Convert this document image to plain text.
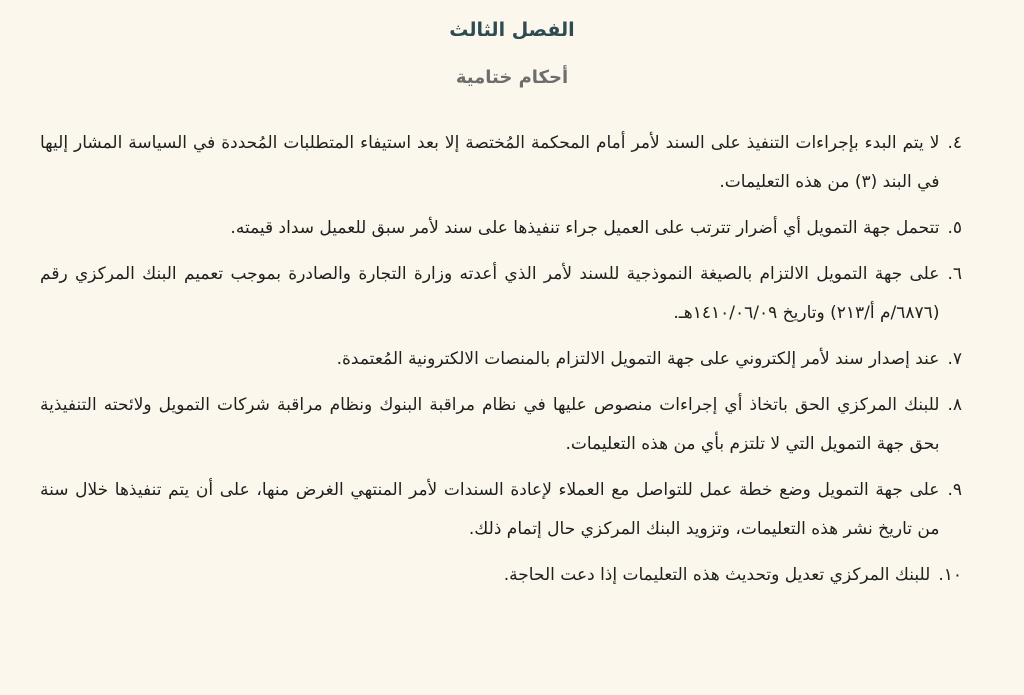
الفصل الثالث
أحكام ختامية
٤.
لا يتم البدء بإجراءات التنفيذ على السند لأمر أمام المحكمة المُختصة إلا بعد استيفاء المتطلبات المُحددة في السياسة المشار إليها في البند (٣) من هذه التعليمات.
٥.
تتحمل جهة التمويل أي أضرار تترتب على العميل جراء تنفيذها على سند لأمر سبق للعميل سداد قيمته.
٦.
على جهة التمويل الالتزام بالصيغة النموذجية للسند لأمر الذي أعدته وزارة التجارة والصادرة بموجب تعميم البنك المركزي رقم (٦٨٧٦/م أ/٢١٣) وتاريخ ١٤١٠/٠٦/٠٩هـ.
٧.
عند إصدار سند لأمر إلكتروني على جهة التمويل الالتزام بالمنصات الالكترونية المُعتمدة.
٨.
للبنك المركزي الحق باتخاذ أي إجراءات منصوص عليها في نظام مراقبة البنوك ونظام مراقبة شركات التمويل ولائحته التنفيذية بحق جهة التمويل التي لا تلتزم بأي من هذه التعليمات.
٩.
على جهة التمويل وضع خطة عمل للتواصل مع العملاء لإعادة السندات لأمر المنتهي الغرض منها، على أن يتم تنفيذها خلال سنة من تاريخ نشر هذه التعليمات، وتزويد البنك المركزي حال إتمام ذلك.
١٠.
للبنك المركزي تعديل وتحديث هذه التعليمات إذا دعت الحاجة.
